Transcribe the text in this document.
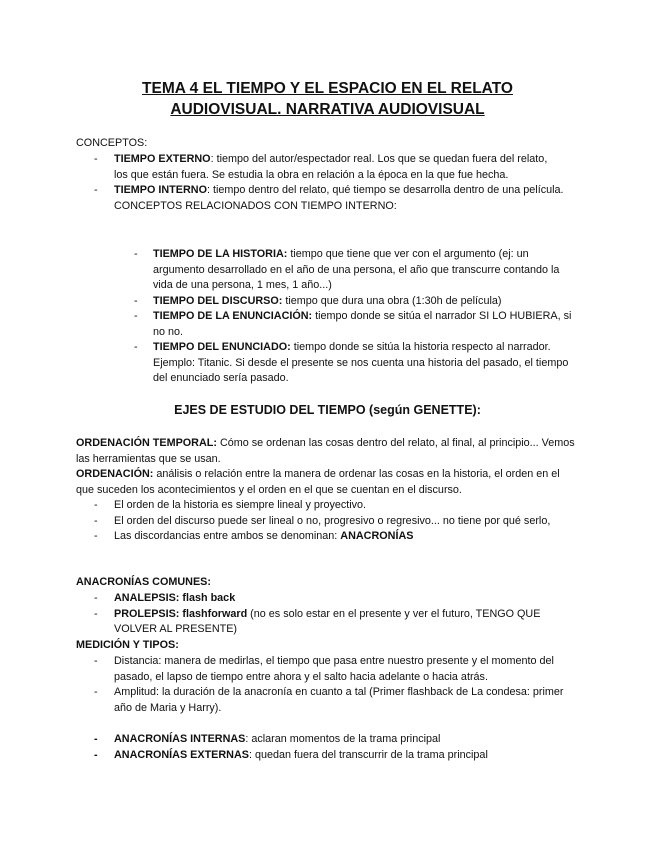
TEMA 4 EL TIEMPO Y EL ESPACIO EN EL RELATO
AUDIOVISUAL. NARRATIVA AUDIOVISUAL
CONCEPTOS:
- TIEMPO EXTERNO: tiempo del autor/espectador real. Los que se quedan fuera del relato, los que están fuera. Se estudia la obra en relación a la época en la que fue hecha.
- TIEMPO INTERNO: tiempo dentro del relato, qué tiempo se desarrolla dentro de una película. CONCEPTOS RELACIONADOS CON TIEMPO INTERNO:
- TIEMPO DE LA HISTORIA: tiempo que tiene que ver con el argumento (ej: un argumento desarrollado en el año de una persona, el año que transcurre contando la vida de una persona, 1 mes, 1 año...)
- TIEMPO DEL DISCURSO: tiempo que dura una obra (1:30h de película)
- TIEMPO DE LA ENUNCIACIÓN: tiempo donde se sitúa el narrador SI LO HUBIERA, si no no.
- TIEMPO DEL ENUNCIADO: tiempo donde se sitúa la historia respecto al narrador. Ejemplo: Titanic. Si desde el presente se nos cuenta una historia del pasado, el tiempo del enunciado sería pasado.
EJES DE ESTUDIO DEL TIEMPO (según GENETTE):
ORDENACIÓN TEMPORAL: Cómo se ordenan las cosas dentro del relato, al final, al principio... Vemos las herramientas que se usan.
ORDENACIÓN: análisis o relación entre la manera de ordenar las cosas en la historia, el orden en el que suceden los acontecimientos y el orden en el que se cuentan en el discurso.
- El orden de la historia es siempre lineal y proyectivo.
- El orden del discurso puede ser lineal o no, progresivo o regresivo... no tiene por qué serlo,
- Las discordancias entre ambos se denominan: ANACRONÍAS
ANACRONÍAS COMUNES:
- ANALEPSIS: flash back
- PROLEPSIS: flashforward (no es solo estar en el presente y ver el futuro, TENGO QUE VOLVER AL PRESENTE)
MEDICIÓN Y TIPOS:
- Distancia: manera de medirlas, el tiempo que pasa entre nuestro presente y el momento del pasado, el lapso de tiempo entre ahora y el salto hacia adelante o hacia atrás.
- Amplitud: la duración de la anacronía en cuanto a tal (Primer flashback de La condesa: primer año de Maria y Harry).
- ANACRONÍAS INTERNAS: aclaran momentos de la trama principal
- ANACRONÍAS EXTERNAS: quedan fuera del transcurrir de la trama principal
